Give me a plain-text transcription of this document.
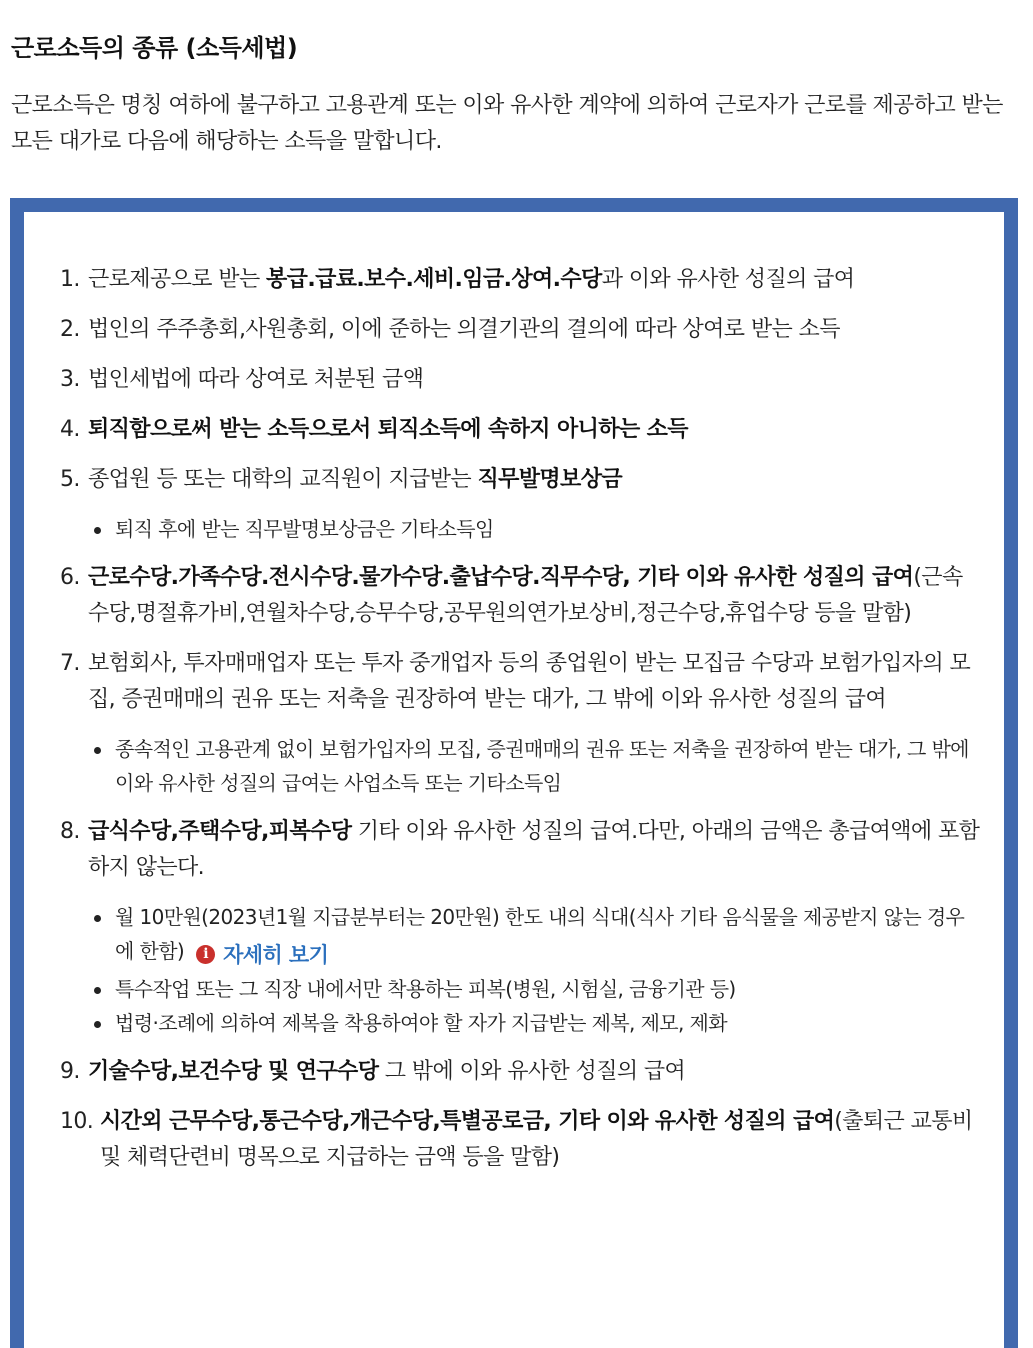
근로소득의 종류 (소득세법)

근로소득은 명칭 여하에 불구하고 고용관계 또는 이와 유사한 계약에 의하여 근로자가 근로를 제공하고 받는 모든 대가로 다음에 해당하는 소득을 말합니다.

1. 근로제공으로 받는 봉급.급료.보수.세비.임금.상여.수당과 이와 유사한 성질의 급여
2. 법인의 주주총회,사원총회, 이에 준하는 의결기관의 결의에 따라 상여로 받는 소득
3. 법인세법에 따라 상여로 처분된 금액
4. 퇴직함으로써 받는 소득으로서 퇴직소득에 속하지 아니하는 소득
5. 종업원 등 또는 대학의 교직원이 지급받는 직무발명보상금
퇴직 후에 받는 직무발명보상금은 기타소득임
6. 근로수당.가족수당.전시수당.물가수당.출납수당.직무수당, 기타 이와 유사한 성질의 급여(근속수당,명절휴가비,연월차수당,승무수당,공무원의연가보상비,정근수당,휴업수당 등을 말함)
7. 보험회사, 투자매매업자 또는 투자 중개업자 등의 종업원이 받는 모집금 수당과 보험가입자의 모집, 증권매매의 권유 또는 저축을 권장하여 받는 대가, 그 밖에 이와 유사한 성질의 급여
종속적인 고용관계 없이 보험가입자의 모집, 증권매매의 권유 또는 저축을 권장하여 받는 대가, 그 밖에 이와 유사한 성질의 급여는 사업소득 또는 기타소득임
8. 급식수당,주택수당,피복수당 기타 이와 유사한 성질의 급여.다만, 아래의 금액은 총급여액에 포함하지 않는다.
월 10만원(2023년1월 지급분부터는 20만원) 한도 내의 식대(식사 기타 음식물을 제공받지 않는 경우에 한함)	i 자세히 보기
특수작업 또는 그 직장 내에서만 착용하는 피복(병원, 시험실, 금융기관 등)
법령·조례에 의하여 제복을 착용하여야 할 자가 지급받는 제복, 제모, 제화
9. 기술수당,보건수당 및 연구수당 그 밖에 이와 유사한 성질의 급여
10. 시간외 근무수당,통근수당,개근수당,특별공로금, 기타 이와 유사한 성질의 급여(출퇴근 교통비 및 체력단련비 명목으로 지급하는 금액 등을 말함)
